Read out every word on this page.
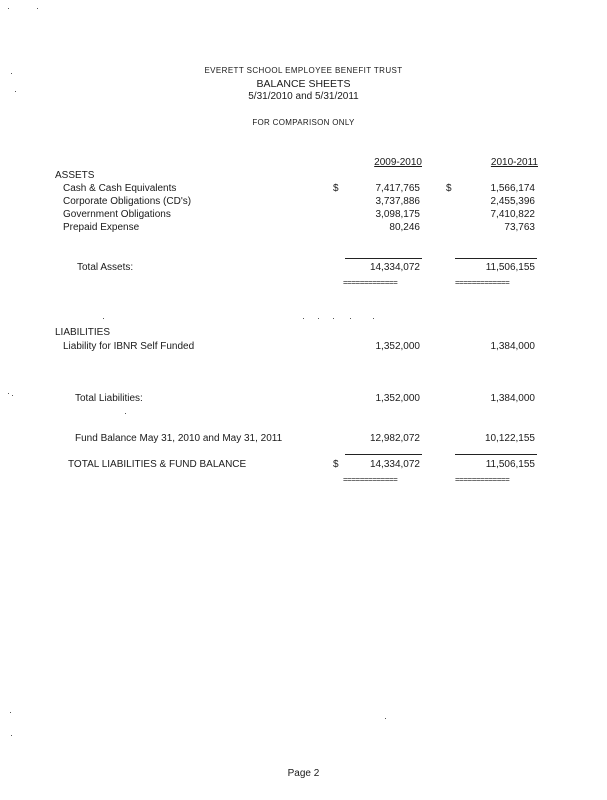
EVERETT SCHOOL EMPLOYEE BENEFIT TRUST
BALANCE SHEETS
5/31/2010 and 5/31/2011
FOR COMPARISON ONLY
2009-2010	2010-2011
ASSETS
Cash & Cash Equivalents	$	7,417,765	$	1,566,174
Corporate Obligations (CD's)	3,737,886	2,455,396
Government Obligations	3,098,175	7,410,822
Prepaid Expense	80,246	73,763
Total Assets:	14,334,072	11,506,155
=============	=============
LIABILITIES
Liability for IBNR Self Funded	1,352,000	1,384,000
Total Liabilities:	1,352,000	1,384,000
Fund Balance May 31, 2010 and May 31, 2011	12,982,072	10,122,155
TOTAL LIABILITIES & FUND BALANCE	$	14,334,072	11,506,155
=============	=============
Page 2
